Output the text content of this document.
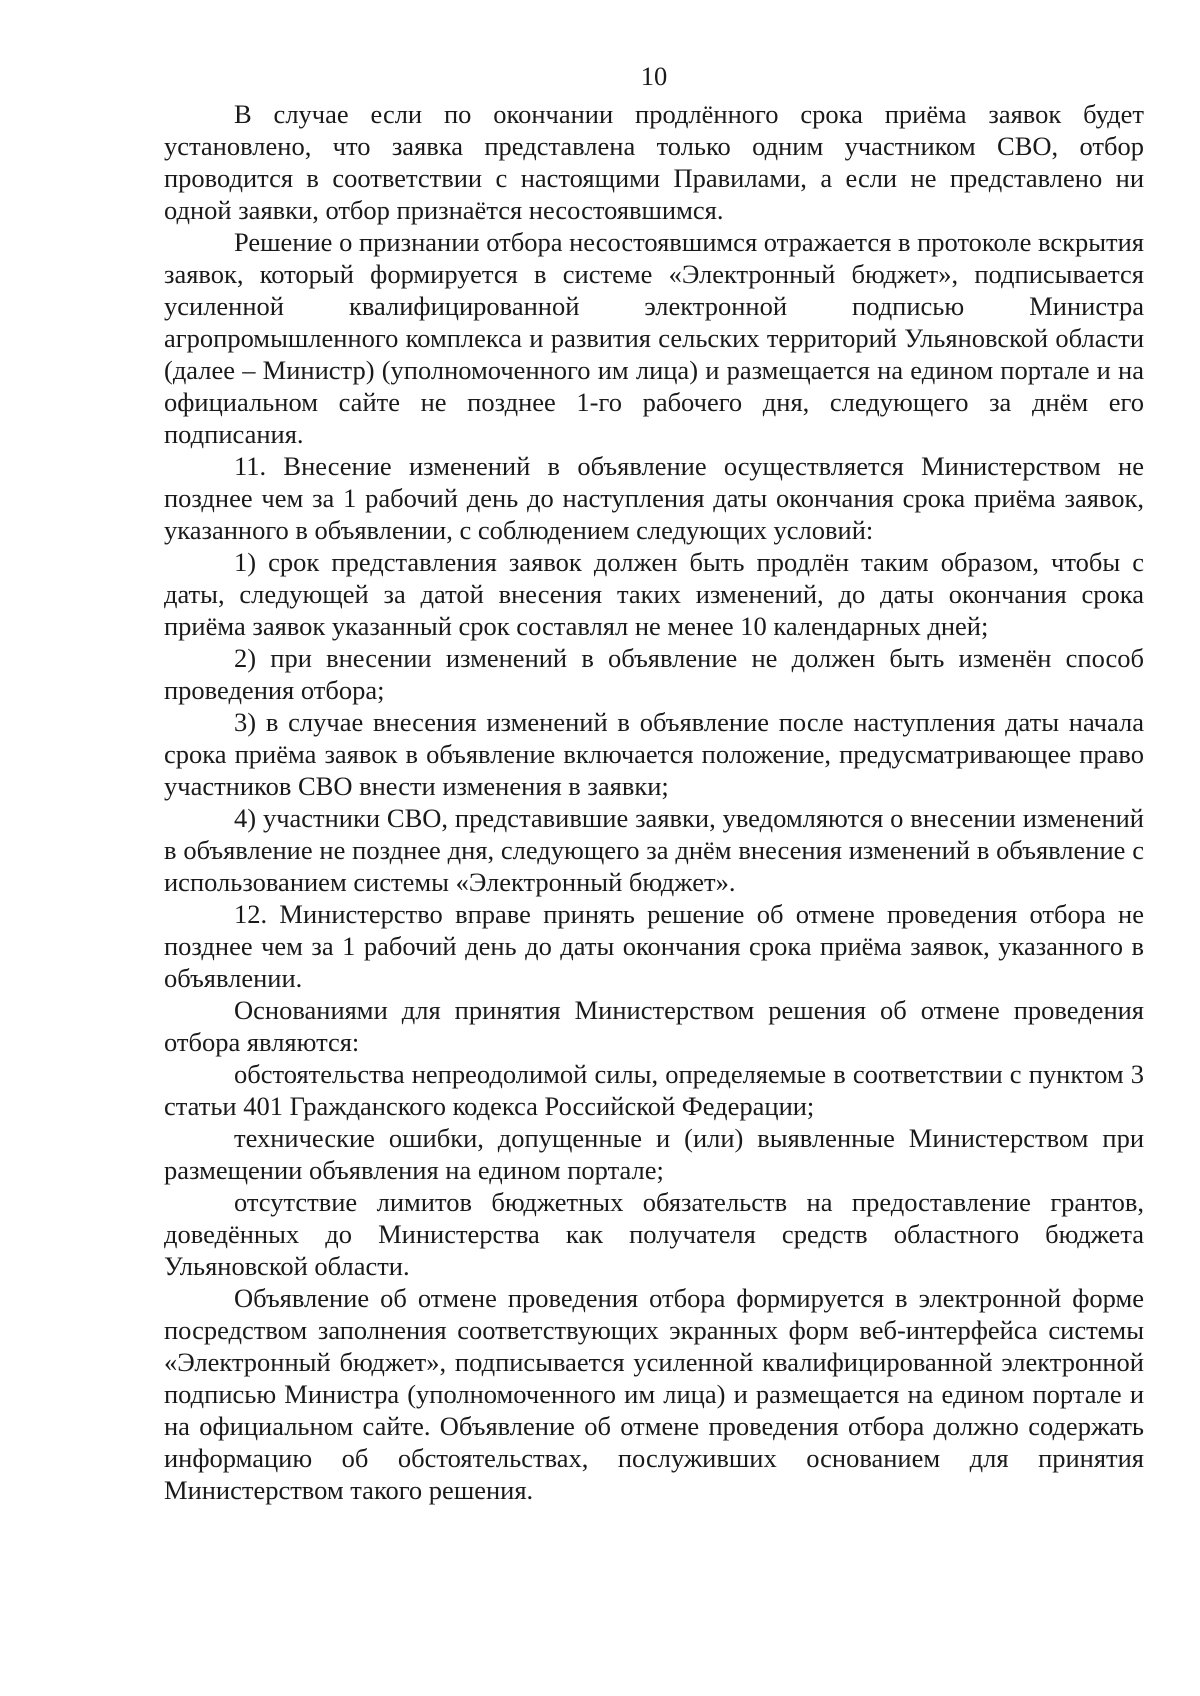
10

В случае если по окончании продлённого срока приёма заявок будет установлено, что заявка представлена только одним участником СВО, отбор проводится в соответствии с настоящими Правилами, а если не представлено ни одной заявки, отбор признаётся несостоявшимся.

Решение о признании отбора несостоявшимся отражается в протоколе вскрытия заявок, который формируется в системе «Электронный бюджет», подписывается усиленной квалифицированной электронной подписью Министра агропромышленного комплекса и развития сельских территорий Ульяновской области (далее – Министр) (уполномоченного им лица) и размещается на едином портале и на официальном сайте не позднее 1-го рабочего дня, следующего за днём его подписания.

11. Внесение изменений в объявление осуществляется Министерством не позднее чем за 1 рабочий день до наступления даты окончания срока приёма заявок, указанного в объявлении, с соблюдением следующих условий:

1) срок представления заявок должен быть продлён таким образом, чтобы с даты, следующей за датой внесения таких изменений, до даты окончания срока приёма заявок указанный срок составлял не менее 10 календарных дней;

2) при внесении изменений в объявление не должен быть изменён способ проведения отбора;

3) в случае внесения изменений в объявление после наступления даты начала срока приёма заявок в объявление включается положение, предусматривающее право участников СВО внести изменения в заявки;

4) участники СВО, представившие заявки, уведомляются о внесении изменений в объявление не позднее дня, следующего за днём внесения изменений в объявление с использованием системы «Электронный бюджет».

12. Министерство вправе принять решение об отмене проведения отбора не позднее чем за 1 рабочий день до даты окончания срока приёма заявок, указанного в объявлении.

Основаниями для принятия Министерством решения об отмене проведения отбора являются:

обстоятельства непреодолимой силы, определяемые в соответствии с пунктом 3 статьи 401 Гражданского кодекса Российской Федерации;

технические ошибки, допущенные и (или) выявленные Министерством при размещении объявления на едином портале;

отсутствие лимитов бюджетных обязательств на предоставление грантов, доведённых до Министерства как получателя средств областного бюджета Ульяновской области.

Объявление об отмене проведения отбора формируется в электронной форме посредством заполнения соответствующих экранных форм веб-интерфейса системы «Электронный бюджет», подписывается усиленной квалифицированной электронной подписью Министра (уполномоченного им лица) и размещается на едином портале и на официальном сайте. Объявление об отмене проведения отбора должно содержать информацию об обстоятельствах, послуживших основанием для принятия Министерством такого решения.
